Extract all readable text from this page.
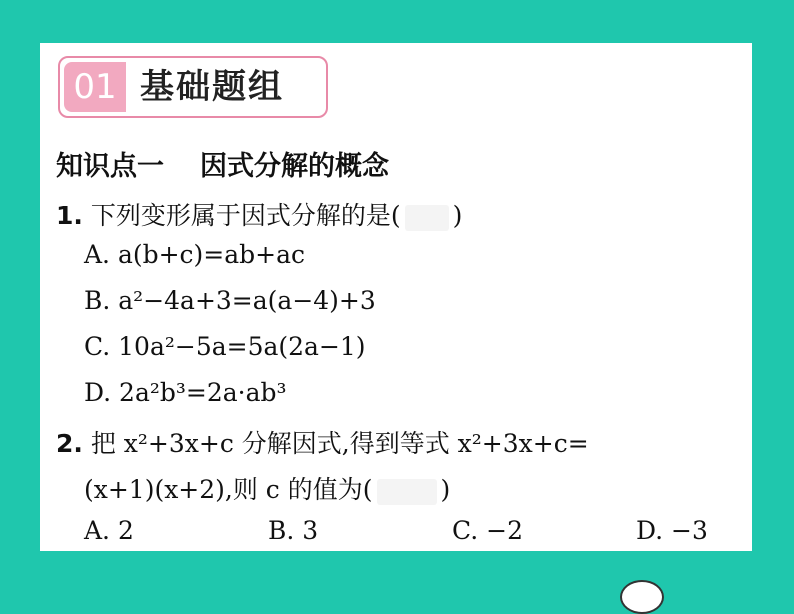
01 基础题组
知识点一 因式分解的概念
1. 下列变形属于因式分解的是( )
A. a(b+c)=ab+ac
B. a²−4a+3=a(a−4)+3
C. 10a²−5a=5a(2a−1)
D. 2a²b³=2a·ab³
2. 把 x²+3x+c 分解因式,得到等式 x²+3x+c=
(x+1)(x+2),则 c 的值为(	)
A. 2	B. 3	C. −2	D. −3
